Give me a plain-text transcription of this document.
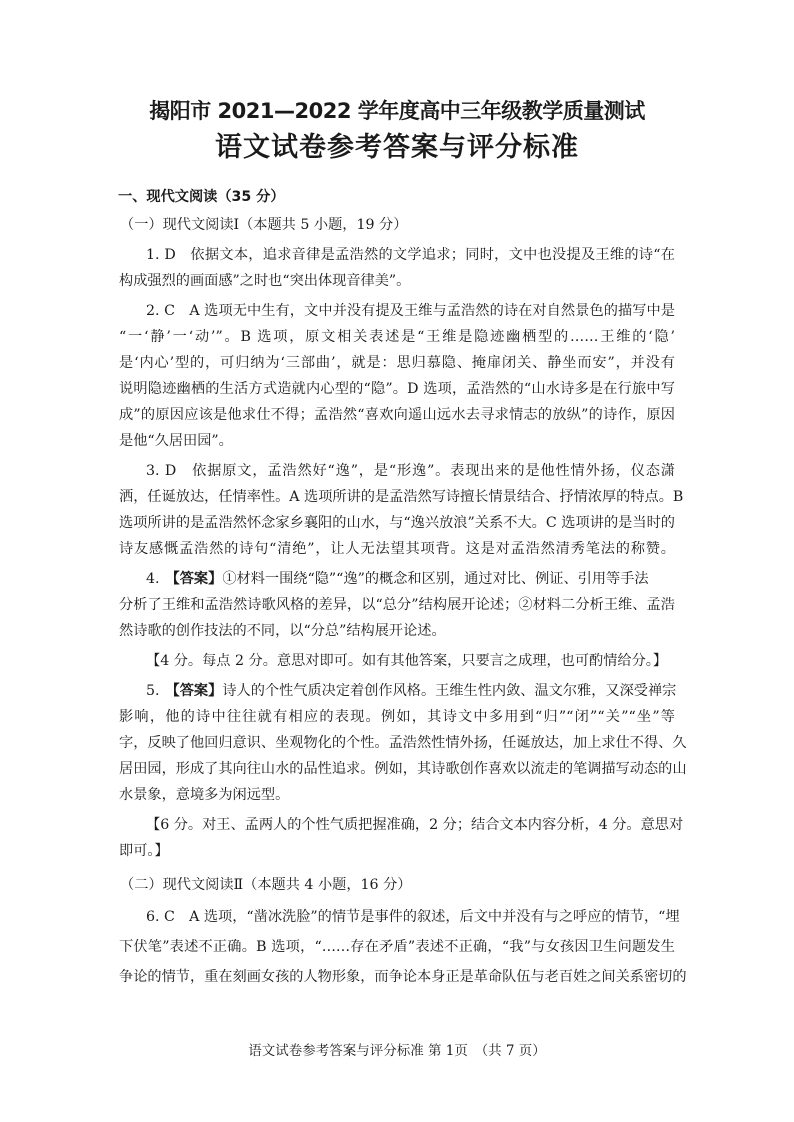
揭阳市 2021—2022 学年度高中三年级教学质量测试
语文试卷参考答案与评分标准
一、现代文阅读（35 分）
（一）现代文阅读Ⅰ（本题共 5 小题，19 分）
1. D　依据文本，追求音律是孟浩然的文学追求；同时，文中也没提及王维的诗“在
构成强烈的画面感”之时也“突出体现音律美”。
2. C　A 选项无中生有，文中并没有提及王维与孟浩然的诗在对自然景色的描写中是
“一‘静’一‘动’”。B 选项，原文相关表述是“王维是隐迹幽栖型的……王维的‘隐’
是‘内心’型的，可归纳为‘三部曲’，就是：思归慕隐、掩扉闭关、静坐而安”，并没有
说明隐迹幽栖的生活方式造就内心型的“隐”。D 选项，孟浩然的“山水诗多是在行旅中写
成”的原因应该是他求仕不得；孟浩然“喜欢向遥山远水去寻求情志的放纵”的诗作，原因
是他“久居田园”。
3. D　依据原文，孟浩然好“逸”，是“形逸”。表现出来的是他性情外扬，仪态潇
洒，任诞放达，任情率性。A 选项所讲的是孟浩然写诗擅长情景结合、抒情浓厚的特点。B
选项所讲的是孟浩然怀念家乡襄阳的山水，与“逸兴放浪”关系不大。C 选项讲的是当时的
诗友感慨孟浩然的诗句“清绝”，让人无法望其项背。这是对孟浩然清秀笔法的称赞。
4. 【答案】①材料一围绕“隐”“逸”的概念和区别，通过对比、例证、引用等手法
分析了王维和孟浩然诗歌风格的差异，以“总分”结构展开论述；②材料二分析王维、孟浩
然诗歌的创作技法的不同，以“分总”结构展开论述。
【4 分。每点 2 分。意思对即可。如有其他答案，只要言之成理，也可酌情给分。】
5. 【答案】诗人的个性气质决定着创作风格。王维生性内敛、温文尔雅，又深受禅宗
影响，他的诗中往往就有相应的表现。例如，其诗文中多用到“归”“闭”“关”“坐”等
字，反映了他回归意识、坐观物化的个性。孟浩然性情外扬，任诞放达，加上求仕不得、久
居田园，形成了其向往山水的品性追求。例如，其诗歌创作喜欢以流走的笔调描写动态的山
水景象，意境多为闲远型。
【6 分。对王、孟两人的个性气质把握准确，2 分；结合文本内容分析，4 分。意思对
即可。】
（二）现代文阅读Ⅱ（本题共 4 小题，16 分）
6. C　A 选项，“凿冰洗脸”的情节是事件的叙述，后文中并没有与之呼应的情节，“埋
下伏笔”表述不正确。B 选项，“……存在矛盾”表述不正确，“我”与女孩因卫生问题发生
争论的情节，重在刻画女孩的人物形象，而争论本身正是革命队伍与老百姓之间关系密切的
语文试卷参考答案与评分标准 第 1页　（共 7 页）
